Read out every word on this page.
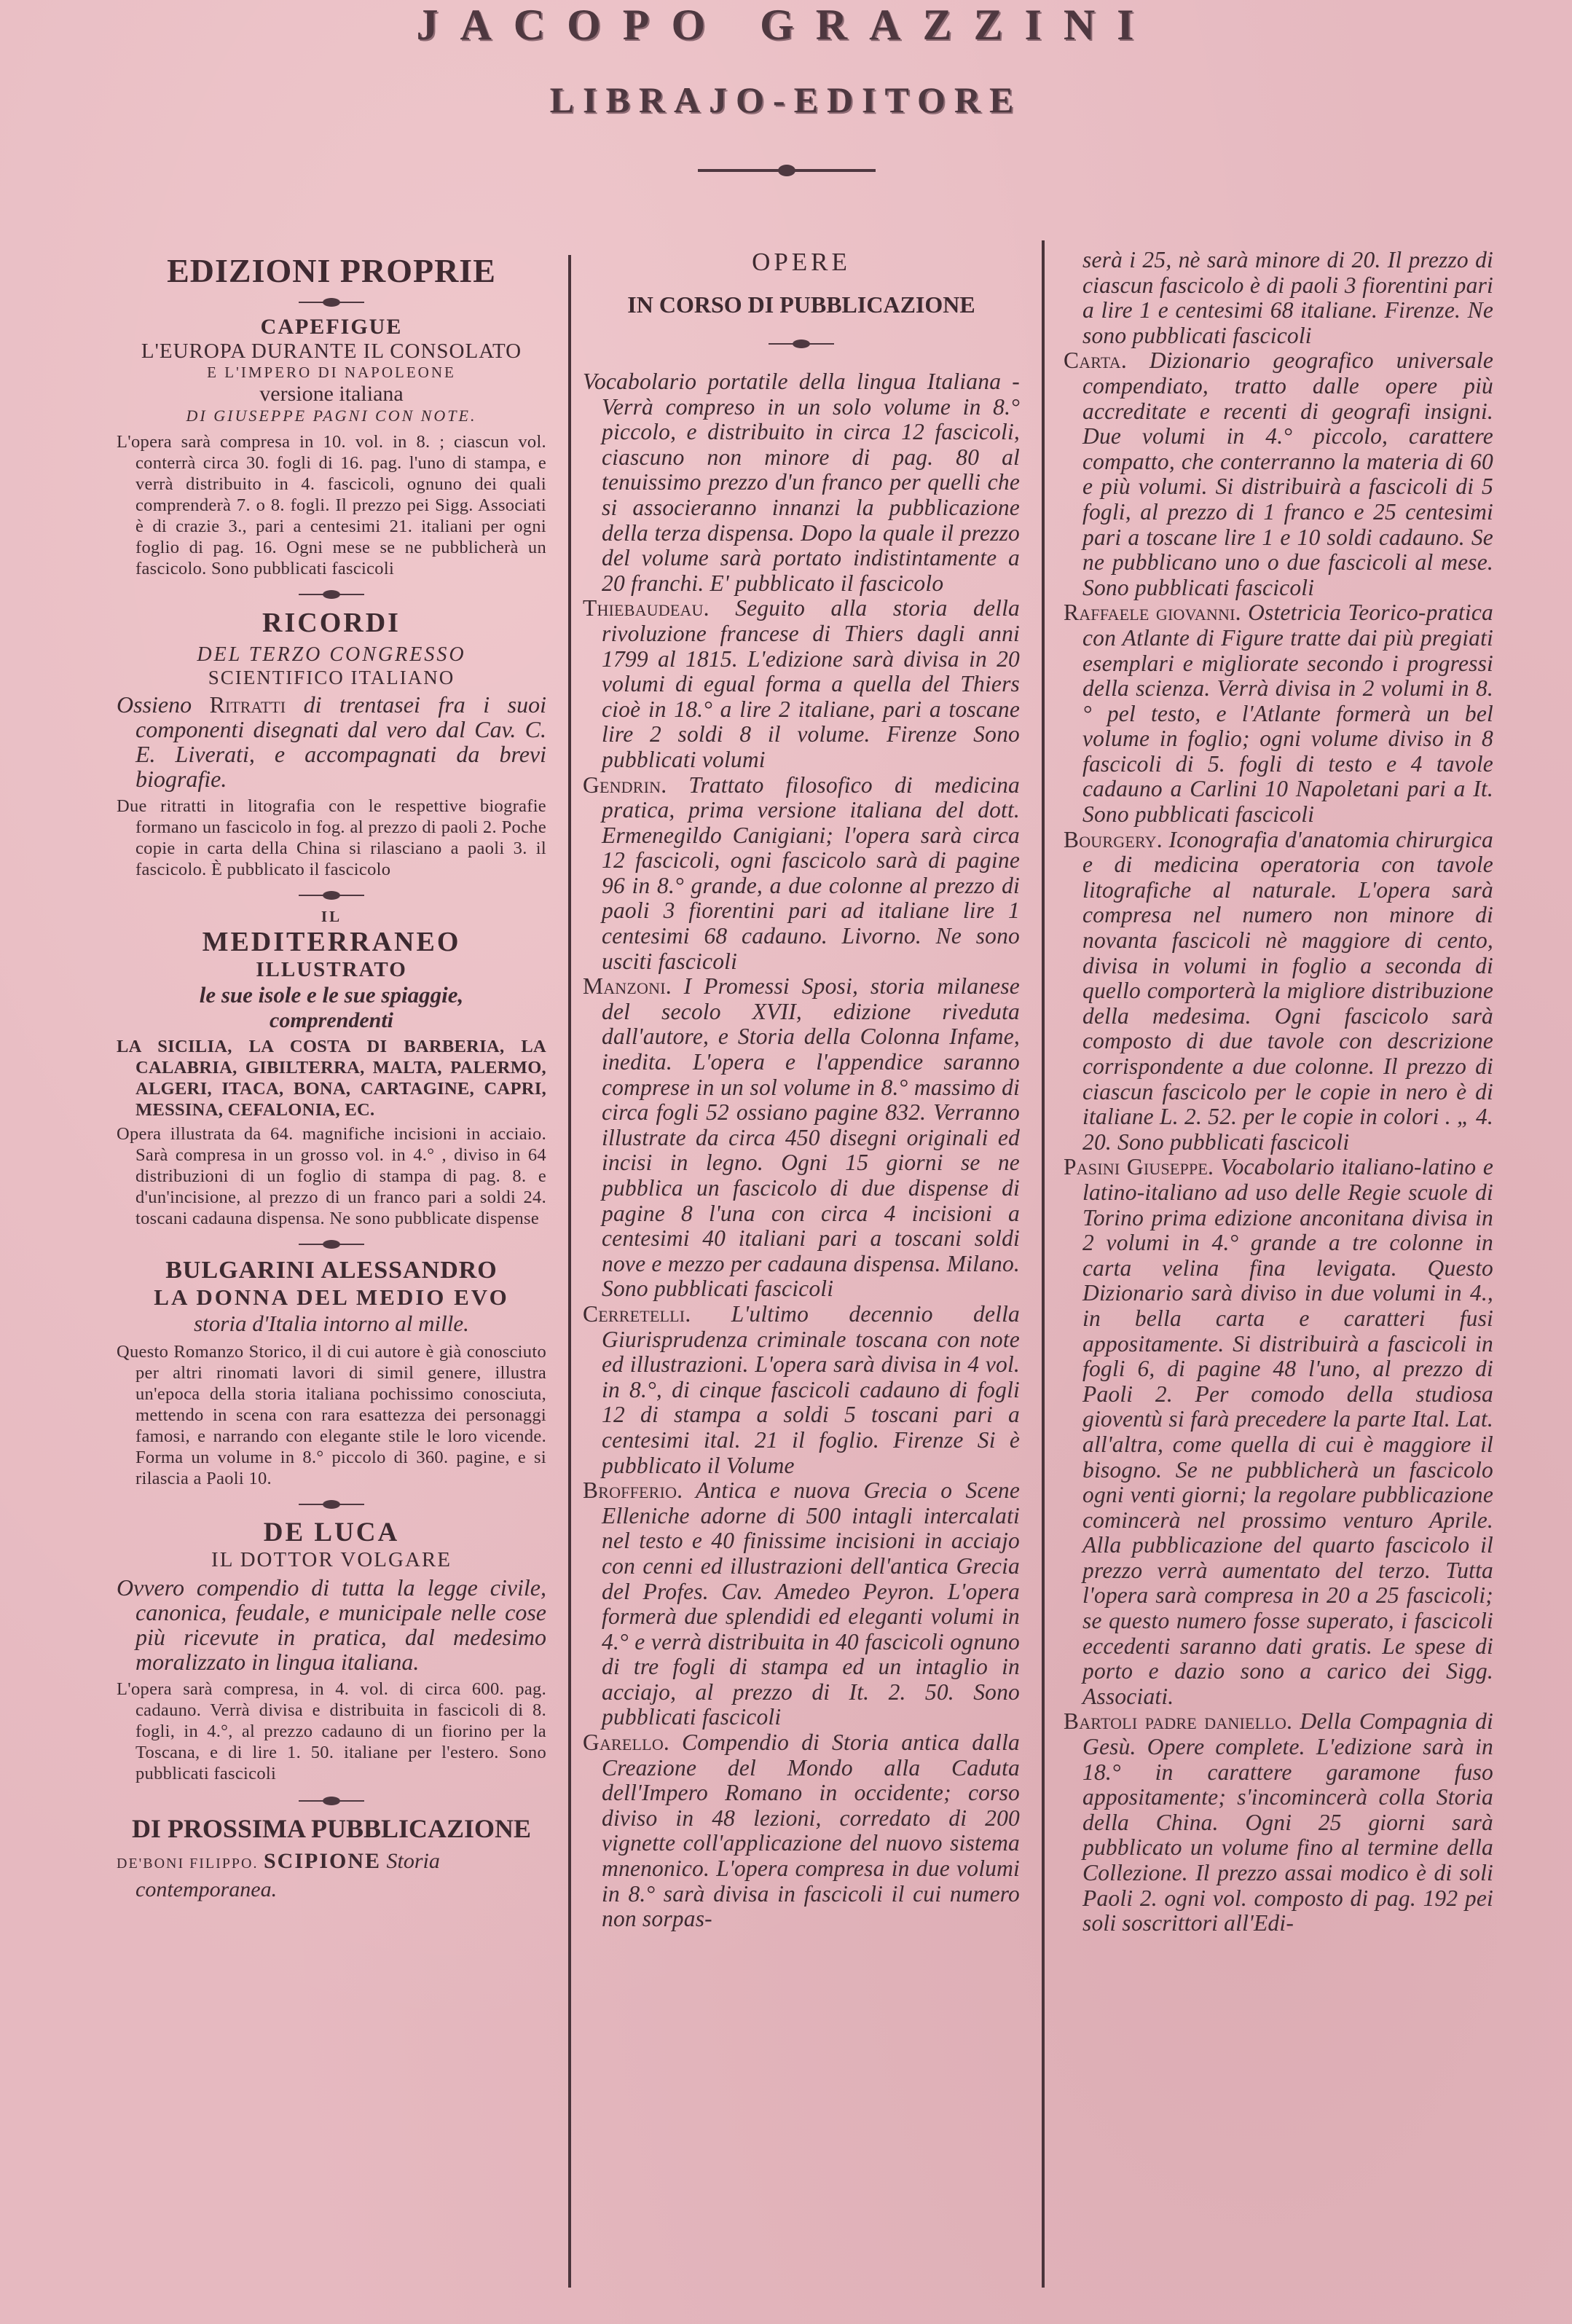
JACOPO GRAZZINI
LIBRAJO-EDITORE
EDIZIONI PROPRIE
CAPEFIGUE
L'EUROPA DURANTE IL CONSOLATO
E L'IMPERO DI NAPOLEONE
versione italiana
DI GIUSEPPE PAGNI CON NOTE.
L'opera sarà compresa in 10. vol. in 8. ; ciascun vol. conterrà circa 30. fogli di 16. pag. l'uno di stampa, e verrà distribuito in 4. fascicoli, ognuno dei quali comprenderà 7. o 8. fogli. Il prezzo pei Sigg. Associati è di crazie 3., pari a centesimi 21. italiani per ogni foglio di pag. 16. Ogni mese se ne pubblicherà un fascicolo. Sono pubblicati fascicoli
RICORDI
DEL TERZO CONGRESSO
SCIENTIFICO ITALIANO
Ossieno Ritratti di trentasei fra i suoi componenti disegnati dal vero dal Cav. C. E. Liverati, e accompagnati da brevi biografie.
Due ritratti in litografia con le respettive biografie formano un fascicolo in fog. al prezzo di paoli 2. Poche copie in carta della China si rilasciano a paoli 3. il fascicolo. È pubblicato il fascicolo
IL
MEDITERRANEO
ILLUSTRATO
le sue isole e le sue spiaggie,
comprendenti
LA SICILIA, LA COSTA DI BARBERIA, LA CALABRIA, GIBILTERRA, MALTA, PALERMO, ALGERI, ITACA, BONA, CARTAGINE, CAPRI, MESSINA, CEFALONIA, EC.
Opera illustrata da 64. magnifiche incisioni in acciaio. Sarà compresa in un grosso vol. in 4.° , diviso in 64 distribuzioni di un foglio di stampa di pag. 8. e d'un'incisione, al prezzo di un franco pari a soldi 24. toscani cadauna dispensa. Ne sono pubblicate dispense
BULGARINI ALESSANDRO
LA DONNA DEL MEDIO EVO
storia d'Italia intorno al mille.
Questo Romanzo Storico, il di cui autore è già conosciuto per altri rinomati lavori di simil genere, illustra un'epoca della storia italiana pochissimo conosciuta, mettendo in scena con rara esattezza dei personaggi famosi, e narrando con elegante stile le loro vicende. Forma un volume in 8.° piccolo di 360. pagine, e si rilascia a Paoli 10.
DE LUCA
IL DOTTOR VOLGARE
Ovvero compendio di tutta la legge civile, canonica, feudale, e municipale nelle cose più ricevute in pratica, dal medesimo moralizzato in lingua italiana.
L'opera sarà compresa, in 4. vol. di circa 600. pag. cadauno. Verrà divisa e distribuita in fascicoli di 8. fogli, in 4.°, al prezzo cadauno di un fiorino per la Toscana, e di lire 1. 50. italiane per l'estero. Sono pubblicati fascicoli
DI PROSSIMA PUBBLICAZIONE
DE'BONI FILIPPO. SCIPIONE Storia contemporanea.
OPERE
IN CORSO DI PUBBLICAZIONE
Vocabolario portatile della lingua Italiana - Verrà compreso in un solo volume in 8.° piccolo, e distribuito in circa 12 fascicoli, ciascuno non minore di pag. 80 al tenuissimo prezzo d'un franco per quelli che si associeranno innanzi la pubblicazione della terza dispensa. Dopo la quale il prezzo del volume sarà portato indistintamente a 20 franchi. E' pubblicato il fascicolo
Thiebaudeau. Seguito alla storia della rivoluzione francese di Thiers dagli anni 1799 al 1815. L'edizione sarà divisa in 20 volumi di egual forma a quella del Thiers cioè in 18.° a lire 2 italiane, pari a toscane lire 2 soldi 8 il volume. Firenze Sono pubblicati volumi
Gendrin. Trattato filosofico di medicina pratica, prima versione italiana del dott. Ermenegildo Canigiani; l'opera sarà circa 12 fascicoli, ogni fascicolo sarà di pagine 96 in 8.° grande, a due colonne al prezzo di paoli 3 fiorentini pari ad italiane lire 1 centesimi 68 cadauno. Livorno. Ne sono usciti fascicoli
Manzoni. I Promessi Sposi, storia milanese del secolo XVII, edizione riveduta dall'autore, e Storia della Colonna Infame, inedita. L'opera e l'appendice saranno comprese in un sol volume in 8.° massimo di circa fogli 52 ossiano pagine 832. Verranno illustrate da circa 450 disegni originali ed incisi in legno. Ogni 15 giorni se ne pubblica un fascicolo di due dispense di pagine 8 l'una con circa 4 incisioni a centesimi 40 italiani pari a toscani soldi nove e mezzo per cadauna dispensa. Milano. Sono pubblicati fascicoli
Cerretelli. L'ultimo decennio della Giurisprudenza criminale toscana con note ed illustrazioni. L'opera sarà divisa in 4 vol. in 8.°, di cinque fascicoli cadauno di fogli 12 di stampa a soldi 5 toscani pari a centesimi ital. 21 il foglio. Firenze Si è pubblicato il Volume
Brofferio. Antica e nuova Grecia o Scene Elleniche adorne di 500 intagli intercalati nel testo e 40 finissime incisioni in acciajo con cenni ed illustrazioni dell'antica Grecia del Profes. Cav. Amedeo Peyron. L'opera formerà due splendidi ed eleganti volumi in 4.° e verrà distribuita in 40 fascicoli ognuno di tre fogli di stampa ed un intaglio in acciajo, al prezzo di It. 2. 50. Sono pubblicati fascicoli
Garello. Compendio di Storia antica dalla Creazione del Mondo alla Caduta dell'Impero Romano in occidente; corso diviso in 48 lezioni, corredato di 200 vignette coll'applicazione del nuovo sistema mnenonico. L'opera compresa in due volumi in 8.° sarà divisa in fascicoli il cui numero non sorpas-
serà i 25, nè sarà minore di 20. Il prezzo di ciascun fascicolo è di paoli 3 fiorentini pari a lire 1 e centesimi 68 italiane. Firenze. Ne sono pubblicati fascicoli
Carta. Dizionario geografico universale compendiato, tratto dalle opere più accreditate e recenti di geografi insigni. Due volumi in 4.° piccolo, carattere compatto, che conterranno la materia di 60 e più volumi. Si distribuirà a fascicoli di 5 fogli, al prezzo di 1 franco e 25 centesimi pari a toscane lire 1 e 10 soldi cadauno. Se ne pubblicano uno o due fascicoli al mese. Sono pubblicati fascicoli
Raffaele giovanni. Ostetricia Teorico-pratica con Atlante di Figure tratte dai più pregiati esemplari e migliorate secondo i progressi della scienza. Verrà divisa in 2 volumi in 8.° pel testo, e l'Atlante formerà un bel volume in foglio; ogni volume diviso in 8 fascicoli di 5. fogli di testo e 4 tavole cadauno a Carlini 10 Napoletani pari a It. Sono pubblicati fascicoli
Bourgery. Iconografia d'anatomia chirurgica e di medicina operatoria con tavole litografiche al naturale. L'opera sarà compresa nel numero non minore di novanta fascicoli nè maggiore di cento, divisa in volumi in foglio a seconda di quello comporterà la migliore distribuzione della medesima. Ogni fascicolo sarà composto di due tavole con descrizione corrispondente a due colonne. Il prezzo di ciascun fascicolo per le copie in nero è di italiane L. 2. 52. per le copie in colori . „ 4. 20. Sono pubblicati fascicoli
Pasini Giuseppe. Vocabolario italiano-latino e latino-italiano ad uso delle Regie scuole di Torino prima edizione anconitana divisa in 2 volumi in 4.° grande a tre colonne in carta velina fina levigata. Questo Dizionario sarà diviso in due volumi in 4., in bella carta e caratteri fusi appositamente. Si distribuirà a fascicoli in fogli 6, di pagine 48 l'uno, al prezzo di Paoli 2. Per comodo della studiosa gioventù si farà precedere la parte Ital. Lat. all'altra, come quella di cui è maggiore il bisogno. Se ne pubblicherà un fascicolo ogni venti giorni; la regolare pubblicazione comincerà nel prossimo venturo Aprile. Alla pubblicazione del quarto fascicolo il prezzo verrà aumentato del terzo. Tutta l'opera sarà compresa in 20 a 25 fascicoli; se questo numero fosse superato, i fascicoli eccedenti saranno dati gratis. Le spese di porto e dazio sono a carico dei Sigg. Associati.
Bartoli padre daniello. Della Compagnia di Gesù. Opere complete. L'edizione sarà in 18.° in carattere garamone fuso appositamente; s'incomincerà colla Storia della China. Ogni 25 giorni sarà pubblicato un volume fino al termine della Collezione. Il prezzo assai modico è di soli Paoli 2. ogni vol. composto di pag. 192 pei soli soscrittori all'Edi-
